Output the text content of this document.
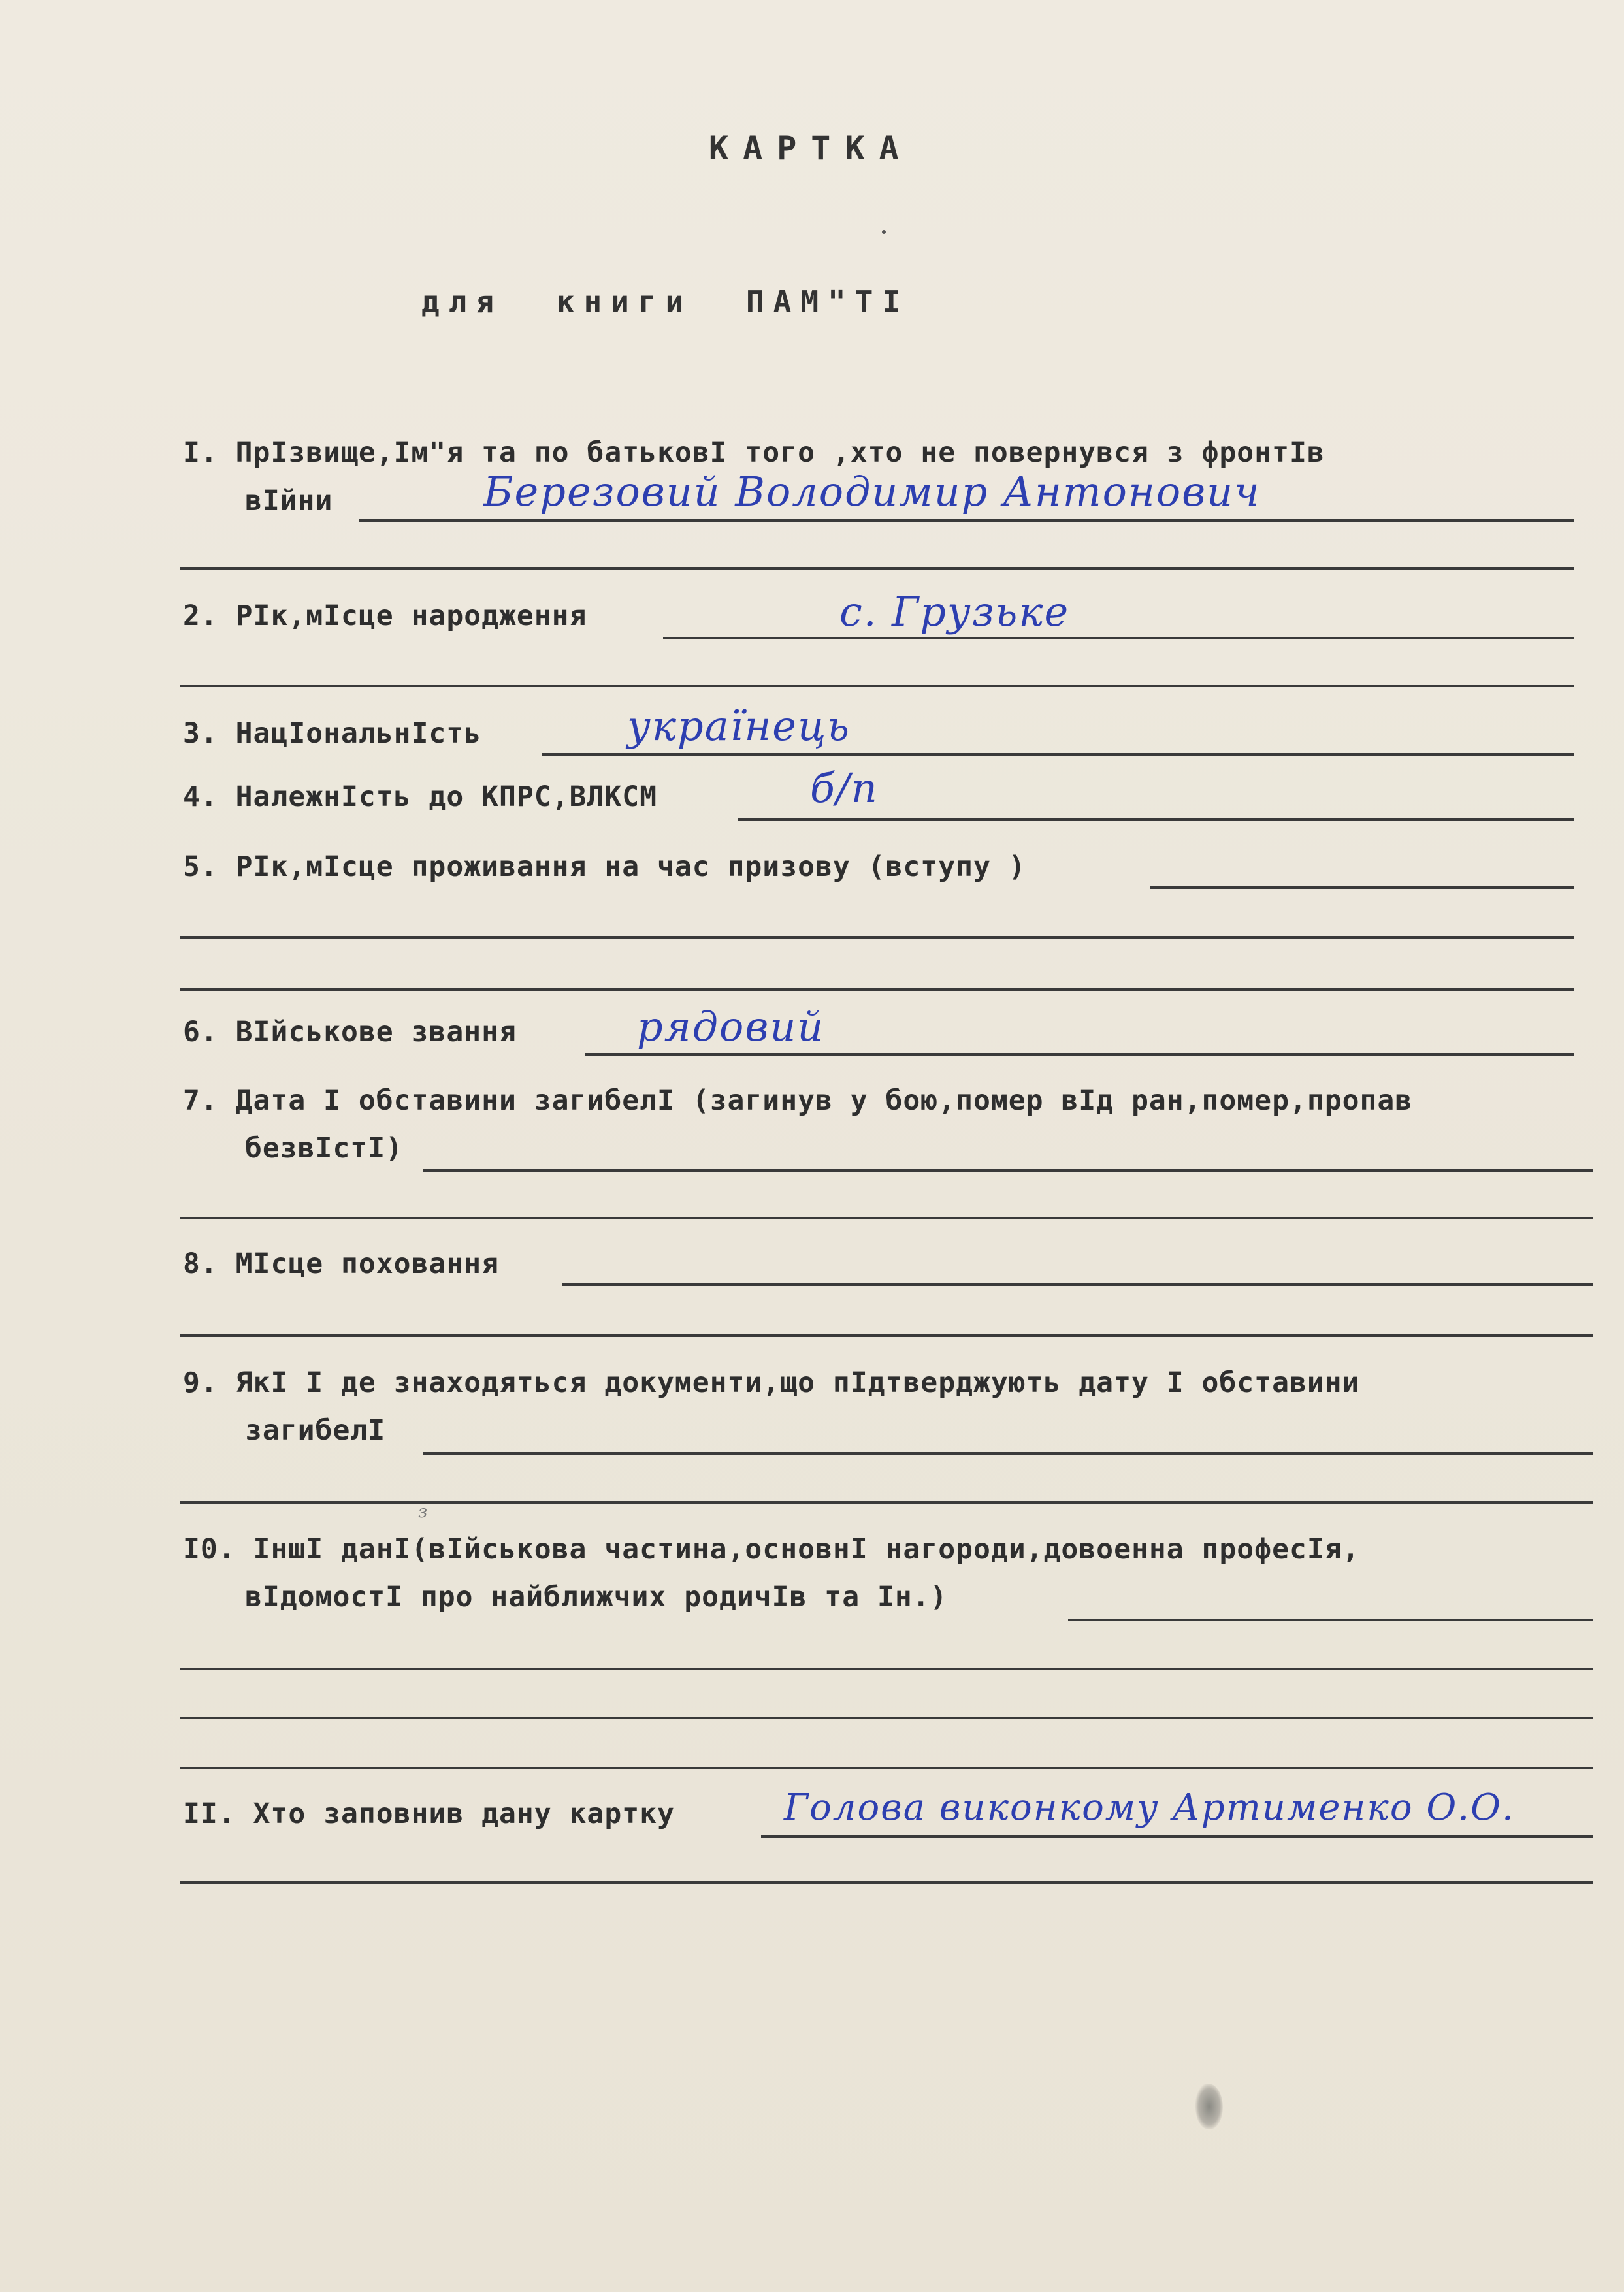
КАРТКА
для книги ПАМ"ТІ
I. ПрІзвище,Ім"я та по батьковІ того ,хто не повернувся з фронтІв
вІйни	Березовий Володимир Антонович
2. РІк,мІсце народження	с. Грузьке
3. НацІональнІсть	українець
4. НалежнІсть до КПРС,ВЛКСМ	б/п
5. РІк,мІсце проживання на час призову (вступу )
6. ВІйськове звання	рядовий
7. Дата І обставини загибелІ (загинув у бою,помер вІд ран,помер,пропав
безвІстІ)
8. МІсце поховання
9. ЯкІ І де знаходяться документи,що пІдтверджують дату І обставини
загибелІ
з
I0. ІншІ данІ(вІйськова частина,основнІ нагороди,довоенна професІя,
вІдомостІ про найближчих родичІв та Ін.)
II. Хто заповнив дану картку	Голова виконкому Артименко О.О.
